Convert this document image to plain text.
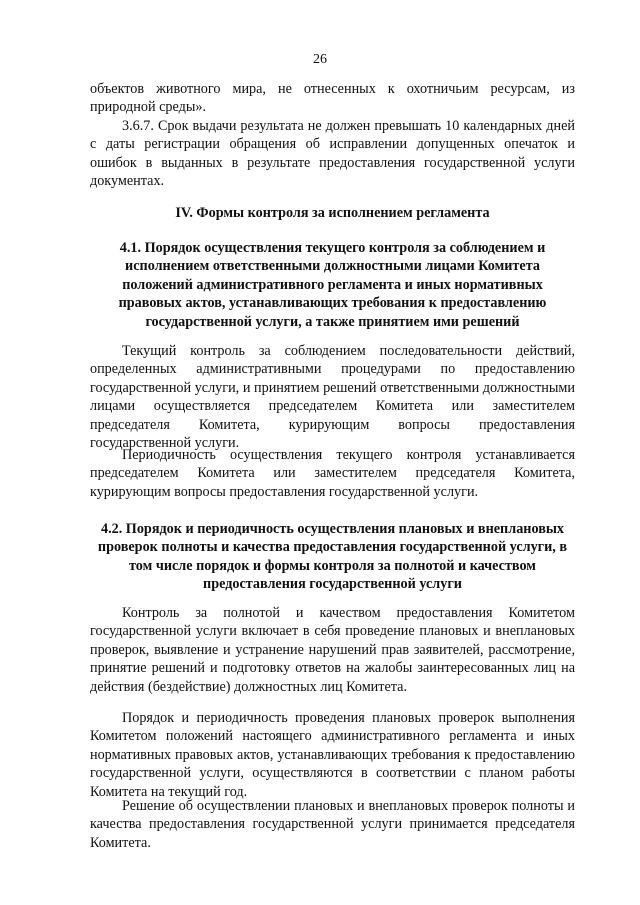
26

объектов животного мира, не отнесенных к охотничьим ресурсам, из природной среды».

3.6.7. Срок выдачи результата не должен превышать 10 календарных дней с даты регистрации обращения об исправлении допущенных опечаток и ошибок в выданных в результате предоставления государственной услуги документах.

IV. Формы контроля за исполнением регламента
4.1. Порядок осуществления текущего контроля за соблюдением и исполнением ответственными должностными лицами Комитета положений административного регламента и иных нормативных правовых актов, устанавливающих требования к предоставлению государственной услуги, а также принятием ими решений

Текущий контроль за соблюдением последовательности действий, определенных административными процедурами по предоставлению государственной услуги, и принятием решений ответственными должностными лицами осуществляется председателем Комитета или заместителем председателя Комитета, курирующим вопросы предоставления государственной услуги.

Периодичность осуществления текущего контроля устанавливается председателем Комитета или заместителем председателя Комитета, курирующим вопросы предоставления государственной услуги.

4.2. Порядок и периодичность осуществления плановых и внеплановых проверок полноты и качества предоставления государственной услуги, в том числе порядок и формы контроля за полнотой и качеством предоставления государственной услуги

Контроль за полнотой и качеством предоставления Комитетом государственной услуги включает в себя проведение плановых и внеплановых проверок, выявление и устранение нарушений прав заявителей, рассмотрение, принятие решений и подготовку ответов на жалобы заинтересованных лиц на действия (бездействие) должностных лиц Комитета.

Порядок и периодичность проведения плановых проверок выполнения Комитетом положений настоящего административного регламента и иных нормативных правовых актов, устанавливающих требования к предоставлению государственной услуги, осуществляются в соответствии с планом работы Комитета на текущий год.

Решение об осуществлении плановых и внеплановых проверок полноты и качества предоставления государственной услуги принимается председателя Комитета.
